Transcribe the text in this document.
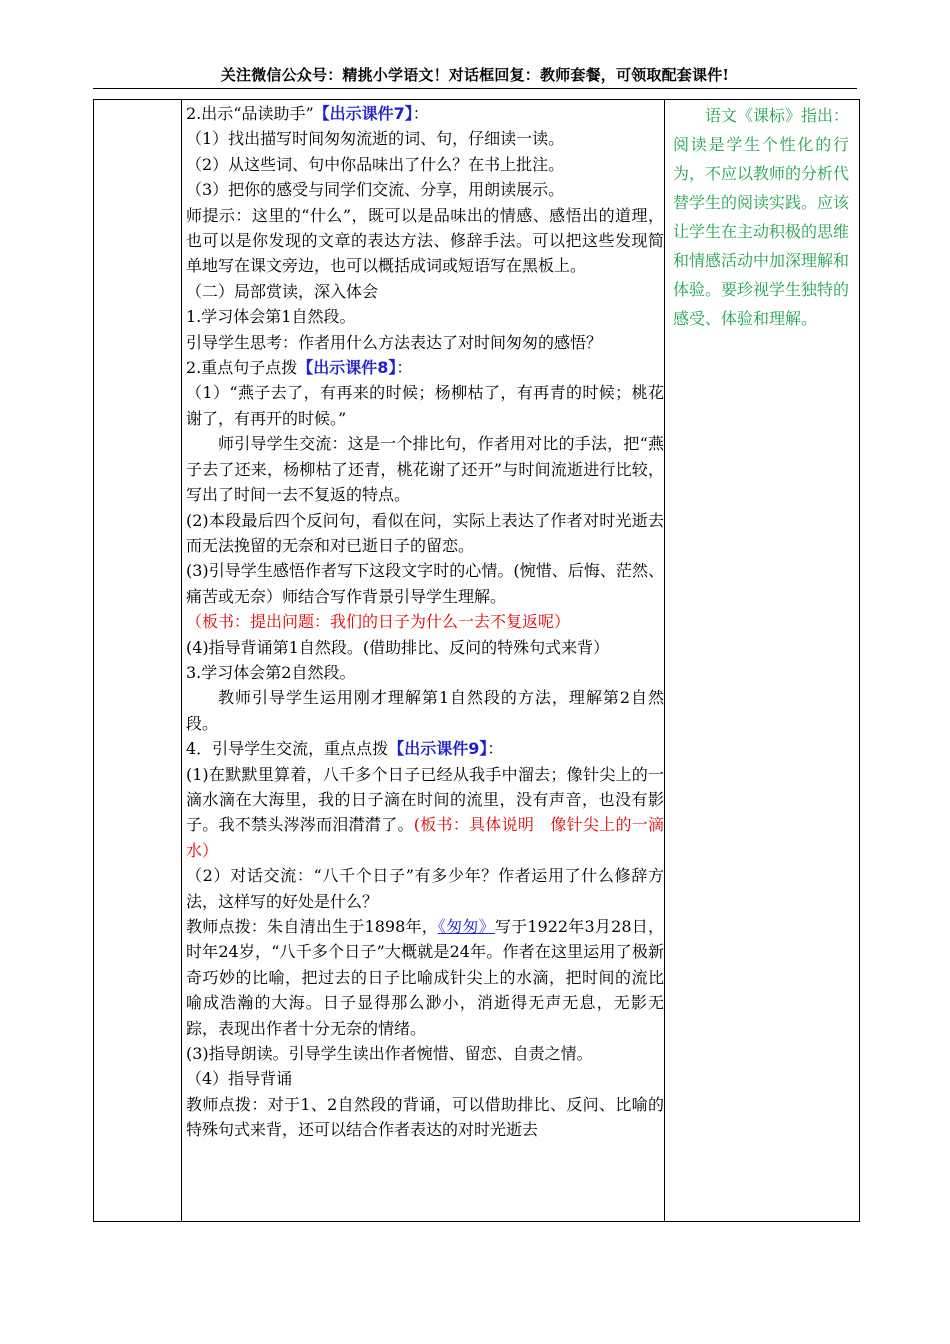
关注微信公众号：精挑小学语文！对话框回复：教师套餐，可领取配套课件!

2.出示“品读助手”【出示课件7】：

（1）找出描写时间匆匆流逝的词、句，仔细读一读。

（2）从这些词、句中你品味出了什么？在书上批注。

（3）把你的感受与同学们交流、分享，用朗读展示。

师提示：这里的“什么”，既可以是品味出的情感、感悟出的道理，也可以是你发现的文章的表达方法、修辞手法。可以把这些发现简单地写在课文旁边，也可以概括成词或短语写在黑板上。

（二）局部赏读，深入体会

1.学习体会第1自然段。

引导学生思考：作者用什么方法表达了对时间匆匆的感悟？

2.重点句子点拨【出示课件8】：

（1）“燕子去了，有再来的时候；杨柳枯了，有再青的时候；桃花谢了，有再开的时候。”

师引导学生交流：这是一个排比句，作者用对比的手法，把“燕子去了还来，杨柳枯了还青，桃花谢了还开”与时间流逝进行比较，写出了时间一去不复返的特点。

(2)本段最后四个反问句，看似在问，实际上表达了作者对时光逝去而无法挽留的无奈和对已逝日子的留恋。

(3)引导学生感悟作者写下这段文字时的心情。(惋惜、后悔、茫然、痛苦或无奈）师结合写作背景引导学生理解。

（板书：提出问题：我们的日子为什么一去不复返呢）

(4)指导背诵第1自然段。(借助排比、反问的特殊句式来背）

3.学习体会第2自然段。

教师引导学生运用刚才理解第1自然段的方法，理解第2自然段。

4．引导学生交流，重点点拨【出示课件9】：

(1)在默默里算着，八千多个日子已经从我手中溜去；像针尖上的一滴水滴在大海里，我的日子滴在时间的流里，没有声音，也没有影子。我不禁头涔涔而泪潸潸了。(板书：具体说明　像针尖上的一滴水）

（2）对话交流：“八千个日子”有多少年？作者运用了什么修辞方法，这样写的好处是什么？

教师点拨：朱自清出生于1898年，《匆匆》写于1922年3月28日，时年24岁，“八千多个日子”大概就是24年。作者在这里运用了极新奇巧妙的比喻，把过去的日子比喻成针尖上的水滴，把时间的流比喻成浩瀚的大海。日子显得那么渺小，消逝得无声无息，无影无踪，表现出作者十分无奈的情绪。

(3)指导朗读。引导学生读出作者惋惜、留恋、自责之情。

（4）指导背诵

教师点拨：对于1、2自然段的背诵，可以借助排比、反问、比喻的特殊句式来背，还可以结合作者表达的对时光逝去

　　语文《课标》指出：阅读是学生个性化的行为，不应以教师的分析代替学生的阅读实践。应该让学生在主动积极的思维和情感活动中加深理解和体验。要珍视学生独特的感受、体验和理解。
